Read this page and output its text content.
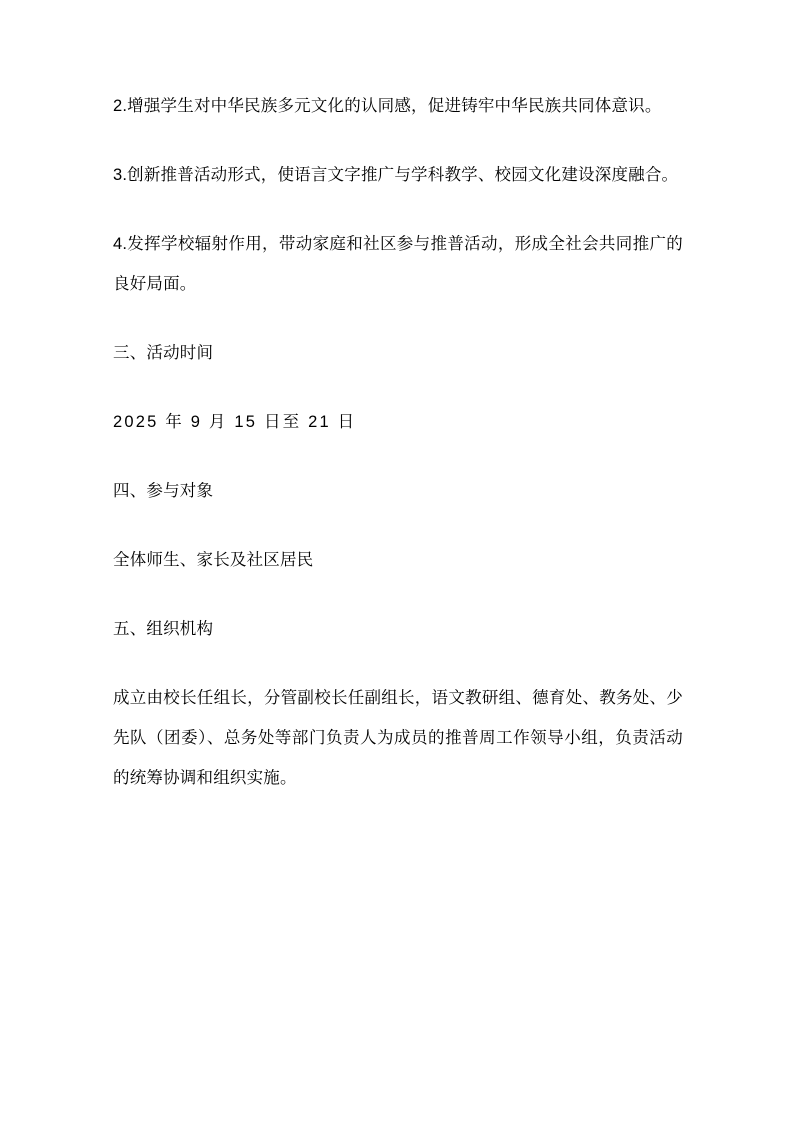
2.增强学生对中华民族多元文化的认同感，促进铸牢中华民族共同体意识。

3.创新推普活动形式，使语言文字推广与学科教学、校园文化建设深度融合。

4.发挥学校辐射作用，带动家庭和社区参与推普活动，形成全社会共同推广的良好局面。

三、活动时间

2025 年 9 月 15 日至 21 日

四、参与对象

全体师生、家长及社区居民

五、组织机构

成立由校长任组长，分管副校长任副组长，语文教研组、德育处、教务处、少先队（团委）、总务处等部门负责人为成员的推普周工作领导小组，负责活动的统筹协调和组织实施。
